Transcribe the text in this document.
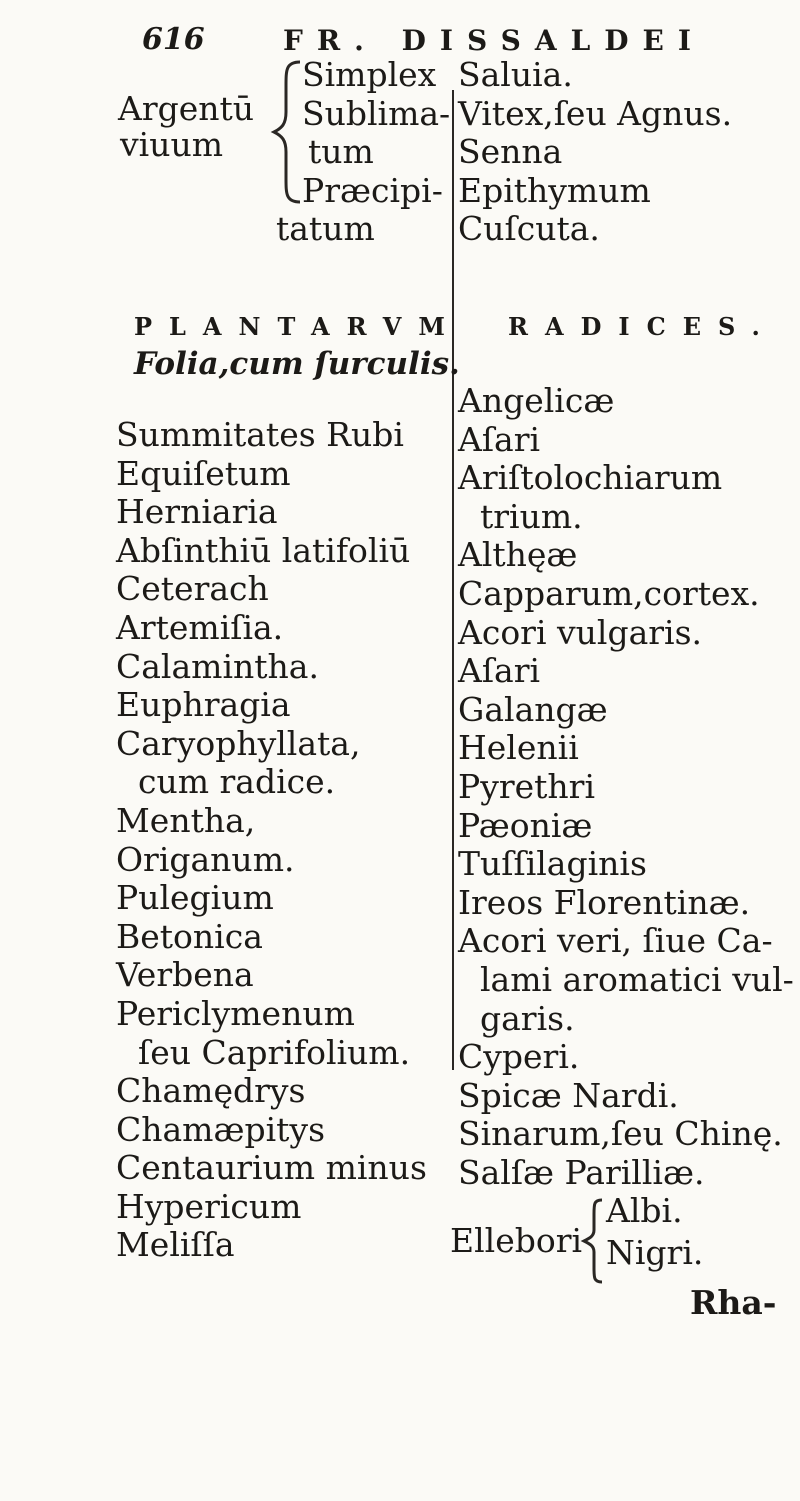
616	FR. DISSALDEI
Argentū
viuum
Simplex
Sublima-
tum
Præcipi-
tatum
Saluia.
Vitex,ſeu Agnus.
Senna
Epithymum
Cuſcuta.
PLANTARVM
Folia,cum ſurculis.
Summitates Rubi
Equiſetum
Herniaria
Abſinthiū latifoliū
Ceterach
Artemiſia.
Calamintha.
Euphragia
Caryophyllata,
cum radice.
Mentha,
Origanum.
Pulegium
Betonica
Verbena
Periclymenum
ſeu Caprifolium.
Chamędrys
Chamæpitys
Centaurium minus
Hypericum
Meliſſa
RADICES.
Angelicæ
Aſari
Ariſtolochiarum
trium.
Althęæ
Capparum,cortex.
Acori vulgaris.
Aſari
Galangæ
Helenii
Pyrethri
Pæoniæ
Tuſſilaginis
Ireos Florentinæ.
Acori veri, ſiue Ca-
lami aromatici vul-
garis.
Cyperi.
Spicæ Nardi.
Sinarum,ſeu Chinę.
Salſæ Parilliæ.
Ellebori
Albi.
Nigri.
Rha-
